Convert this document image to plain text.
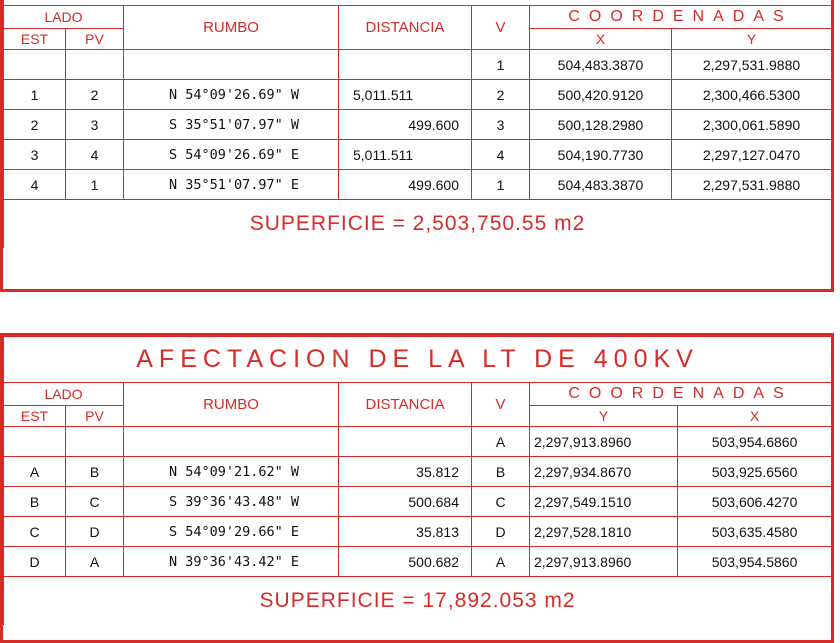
LADO		RUMBO	DISTANCIA	V	COORDENADAS	
EST	PV				X	Y
				1	504,483.3870	2,297,531.9880
1	2	N 54°09'26.69" W	5,011.511	2	500,420.9120	2,300,466.5300
2	3	S 35°51'07.97" W	499.600	3	500,128.2980	2,300,061.5890
3	4	S 54°09'26.69" E	5,011.511	4	504,190.7730	2,297,127.0470
4	1	N 35°51'07.97" E	499.600	1	504,483.3870	2,297,531.9880
SUPERFICIE = 2,503,750.55 m2						
AFECTACION DE LA LT DE 400KV						
LADO		RUMBO	DISTANCIA	V	COORDENADAS	
EST	PV				Y	X
				A	2,297,913.8960	503,954.6860
A	B	N 54°09'21.62" W	35.812	B	2,297,934.8670	503,925.6560
B	C	S 39°36'43.48" W	500.684	C	2,297,549.1510	503,606.4270
C	D	S 54°09'29.66" E	35.813	D	2,297,528.1810	503,635.4580
D	A	N 39°36'43.42" E	500.682	A	2,297,913.8960	503,954.5860
SUPERFICIE = 17,892.053 m2						
